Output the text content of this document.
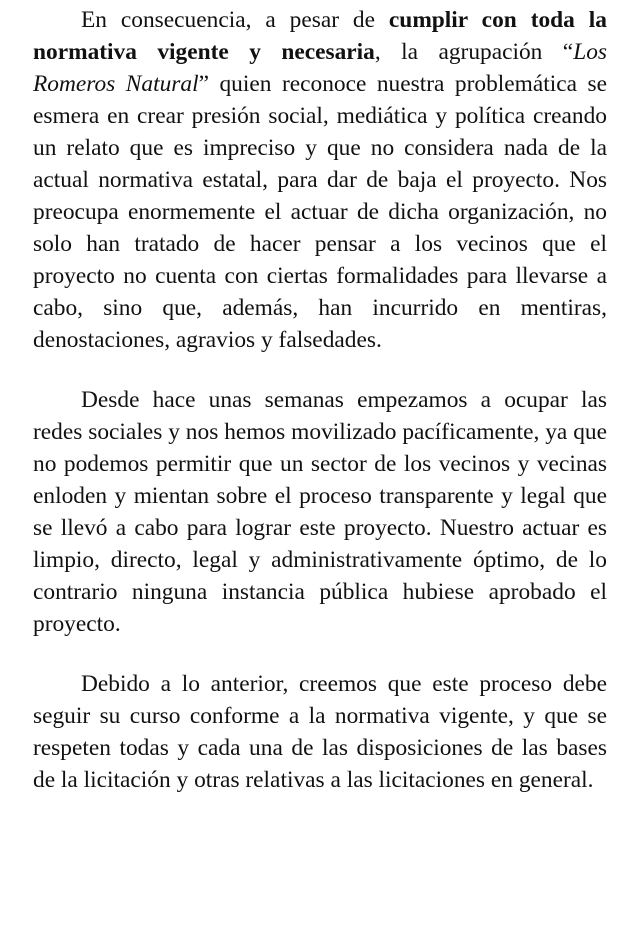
En consecuencia, a pesar de cumplir con toda la normativa vigente y necesaria, la agrupación “Los Romeros Natural” quien reconoce nuestra problemática se esmera en crear presión social, mediática y política creando un relato que es impreciso y que no considera nada de la actual normativa estatal, para dar de baja el proyecto. Nos preocupa enormemente el actuar de dicha organización, no solo han tratado de hacer pensar a los vecinos que el proyecto no cuenta con ciertas formalidades para llevarse a cabo, sino que, además, han incurrido en mentiras, denostaciones, agravios y falsedades.

Desde hace unas semanas empezamos a ocupar las redes sociales y nos hemos movilizado pacíficamente, ya que no podemos permitir que un sector de los vecinos y vecinas enloden y mientan sobre el proceso transparente y legal que se llevó a cabo para lograr este proyecto. Nuestro actuar es limpio, directo, legal y administrativamente óptimo, de lo contrario ninguna instancia pública hubiese aprobado el proyecto.

Debido a lo anterior, creemos que este proceso debe seguir su curso conforme a la normativa vigente, y que se respeten todas y cada una de las disposiciones de las bases de la licitación y otras relativas a las licitaciones en general.
